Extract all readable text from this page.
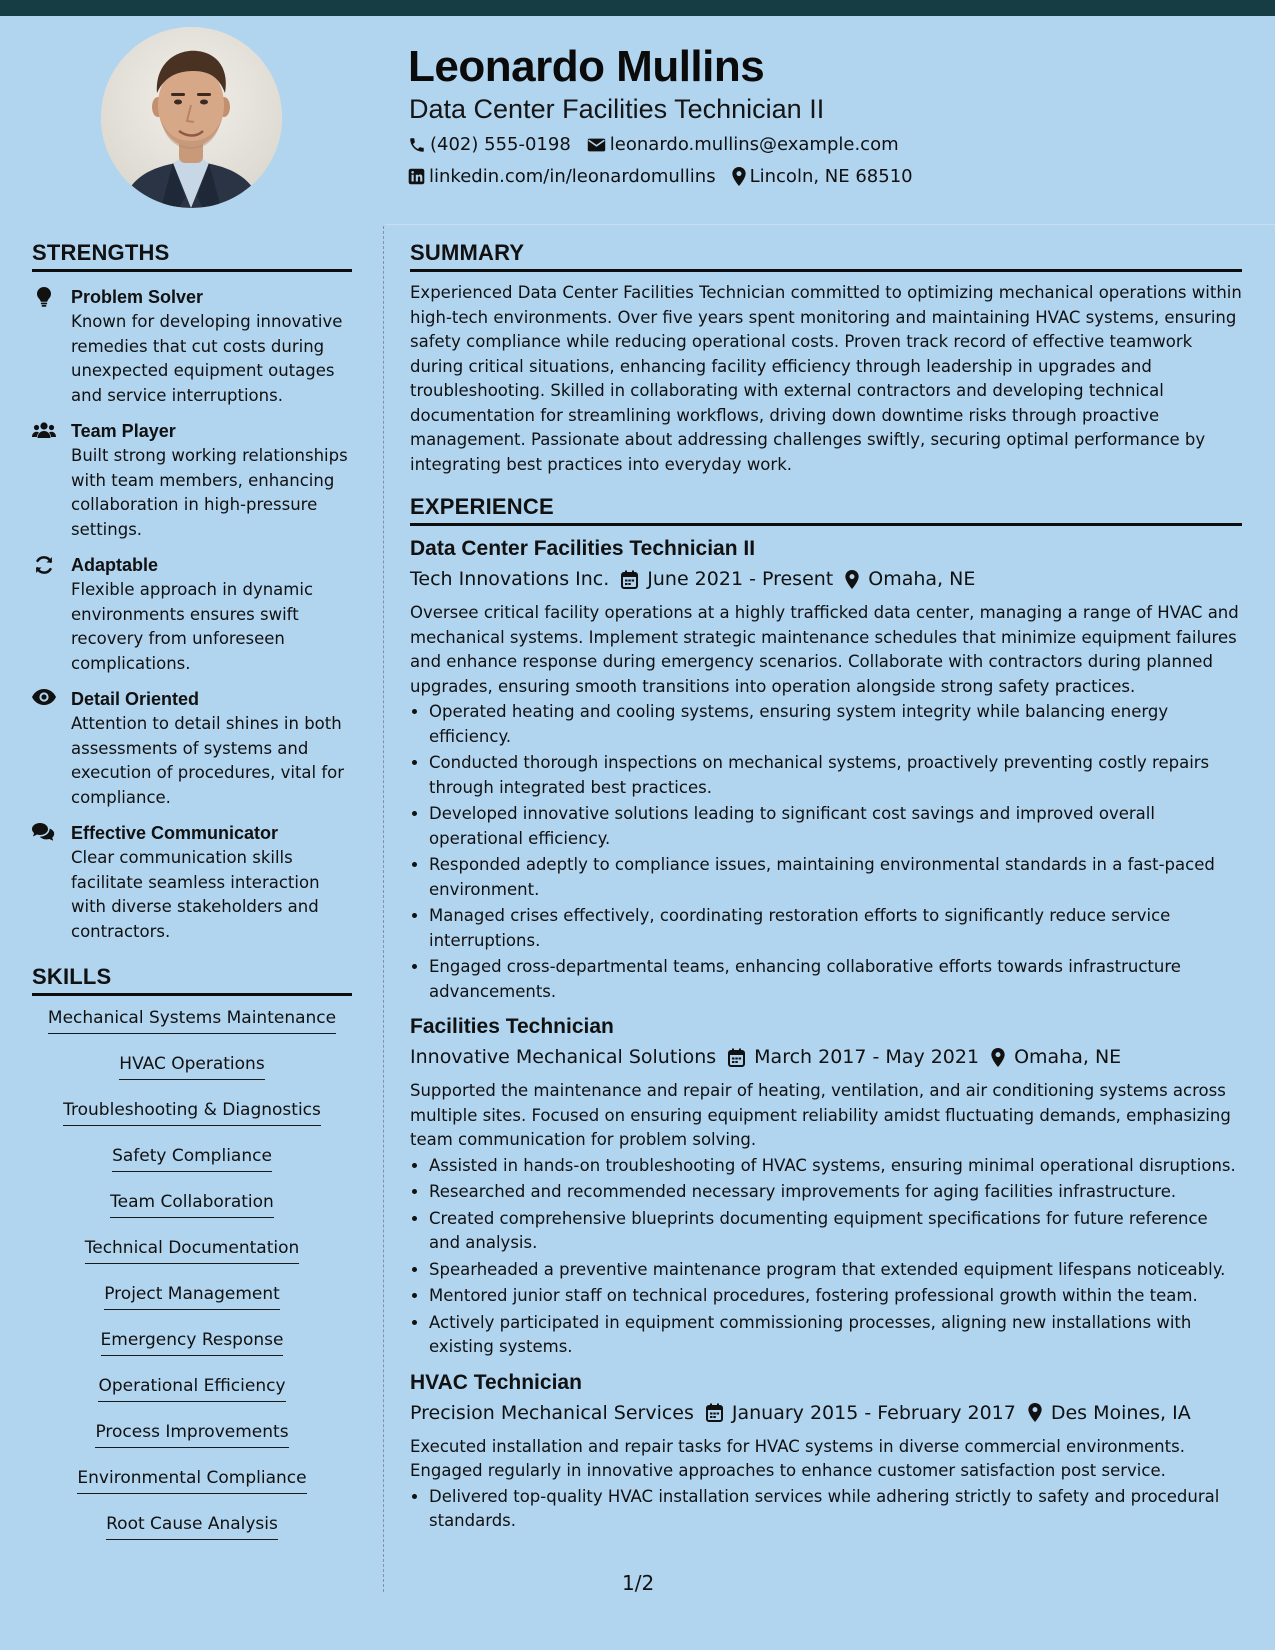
Leonardo Mullins
Data Center Facilities Technician II
(402) 555-0198 leonardo.mullins@example.com
linkedin.com/in/leonardomullins Lincoln, NE 68510
STRENGTHS
Problem Solver
Known for developing innovative remedies that cut costs during unexpected equipment outages and service interruptions.
Team Player
Built strong working relationships with team members, enhancing collaboration in high-pressure settings.
Adaptable
Flexible approach in dynamic environments ensures swift recovery from unforeseen complications.
Detail Oriented
Attention to detail shines in both assessments of systems and execution of procedures, vital for compliance.
Effective Communicator
Clear communication skills facilitate seamless interaction with diverse stakeholders and contractors.
SKILLS
Mechanical Systems Maintenance
HVAC Operations
Troubleshooting & Diagnostics
Safety Compliance
Team Collaboration
Technical Documentation
Project Management
Emergency Response
Operational Efficiency
Process Improvements
Environmental Compliance
Root Cause Analysis
SUMMARY
Experienced Data Center Facilities Technician committed to optimizing mechanical operations within high-tech environments. Over five years spent monitoring and maintaining HVAC systems, ensuring safety compliance while reducing operational costs. Proven track record of effective teamwork during critical situations, enhancing facility efficiency through leadership in upgrades and troubleshooting. Skilled in collaborating with external contractors and developing technical documentation for streamlining workflows, driving down downtime risks through proactive management. Passionate about addressing challenges swiftly, securing optimal performance by integrating best practices into everyday work.
EXPERIENCE
Data Center Facilities Technician II
Tech Innovations Inc. June 2021 - Present Omaha, NE
Oversee critical facility operations at a highly trafficked data center, managing a range of HVAC and mechanical systems. Implement strategic maintenance schedules that minimize equipment failures and enhance response during emergency scenarios. Collaborate with contractors during planned upgrades, ensuring smooth transitions into operation alongside strong safety practices.
• Operated heating and cooling systems, ensuring system integrity while balancing energy efficiency.
• Conducted thorough inspections on mechanical systems, proactively preventing costly repairs through integrated best practices.
• Developed innovative solutions leading to significant cost savings and improved overall operational efficiency.
• Responded adeptly to compliance issues, maintaining environmental standards in a fast-paced environment.
• Managed crises effectively, coordinating restoration efforts to significantly reduce service interruptions.
• Engaged cross-departmental teams, enhancing collaborative efforts towards infrastructure advancements.
Facilities Technician
Innovative Mechanical Solutions March 2017 - May 2021 Omaha, NE
Supported the maintenance and repair of heating, ventilation, and air conditioning systems across multiple sites. Focused on ensuring equipment reliability amidst fluctuating demands, emphasizing team communication for problem solving.
• Assisted in hands-on troubleshooting of HVAC systems, ensuring minimal operational disruptions.
• Researched and recommended necessary improvements for aging facilities infrastructure.
• Created comprehensive blueprints documenting equipment specifications for future reference and analysis.
• Spearheaded a preventive maintenance program that extended equipment lifespans noticeably.
• Mentored junior staff on technical procedures, fostering professional growth within the team.
• Actively participated in equipment commissioning processes, aligning new installations with existing systems.
HVAC Technician
Precision Mechanical Services January 2015 - February 2017 Des Moines, IA
Executed installation and repair tasks for HVAC systems in diverse commercial environments. Engaged regularly in innovative approaches to enhance customer satisfaction post service.
• Delivered top-quality HVAC installation services while adhering strictly to safety and procedural standards.
1/2
